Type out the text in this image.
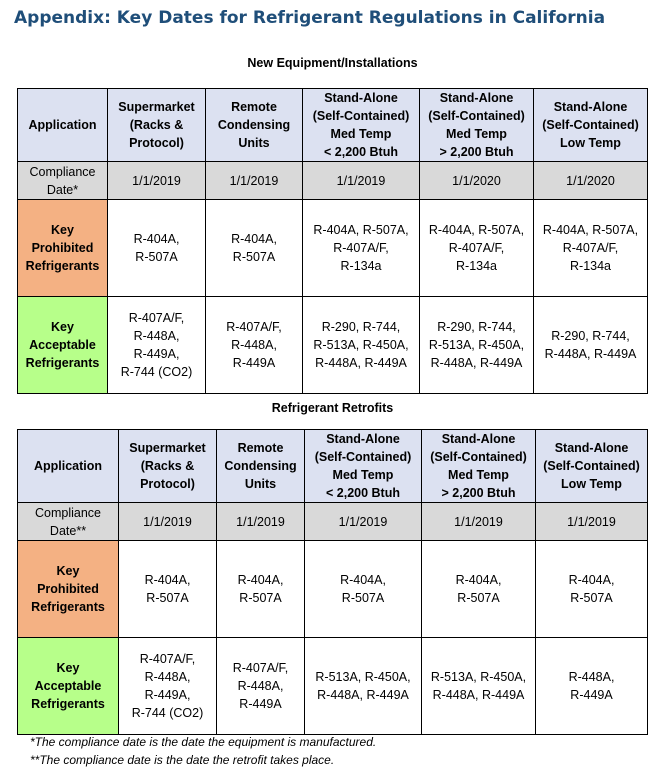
Appendix: Key Dates for Refrigerant Regulations in California
New Equipment/Installations
Application	Supermarket
(Racks &
Protocol)	Remote
Condensing
Units	Stand-Alone
(Self-Contained)
Med Temp
< 2,200 Btuh	Stand-Alone
(Self-Contained)
Med Temp
> 2,200 Btuh	Stand-Alone
(Self-Contained)
Low Temp

Compliance
Date*	1/1/2019	1/1/2019	1/1/2019	1/1/2020	1/1/2020

Key
Prohibited
Refrigerants	R-404A,
R-507A	R-404A,
R-507A	R-404A, R-507A,
R-407A/F,
R-134a	R-404A, R-507A,
R-407A/F,
R-134a	R-404A, R-507A,
R-407A/F,
R-134a

Key
Acceptable
Refrigerants	R-407A/F,
R-448A,
R-449A,
R-744 (CO2)	R-407A/F,
R-448A,
R-449A	R-290, R-744,
R-513A, R-450A,
R-448A, R-449A	R-290, R-744,
R-513A, R-450A,
R-448A, R-449A	R-290, R-744,
R-448A, R-449A
Refrigerant Retrofits
Application	Supermarket
(Racks &
Protocol)	Remote
Condensing
Units	Stand-Alone
(Self-Contained)
Med Temp
< 2,200 Btuh	Stand-Alone
(Self-Contained)
Med Temp
> 2,200 Btuh	Stand-Alone
(Self-Contained)
Low Temp

Compliance
Date**	1/1/2019	1/1/2019	1/1/2019	1/1/2019	1/1/2019

Key
Prohibited
Refrigerants	R-404A,
R-507A	R-404A,
R-507A	R-404A,
R-507A	R-404A,
R-507A	R-404A,
R-507A

Key
Acceptable
Refrigerants	R-407A/F,
R-448A,
R-449A,
R-744 (CO2)	R-407A/F,
R-448A,
R-449A	R-513A, R-450A,
R-448A, R-449A	R-513A, R-450A,
R-448A, R-449A	R-448A,
R-449A
*The compliance date is the date the equipment is manufactured.
**The compliance date is the date the retrofit takes place.
